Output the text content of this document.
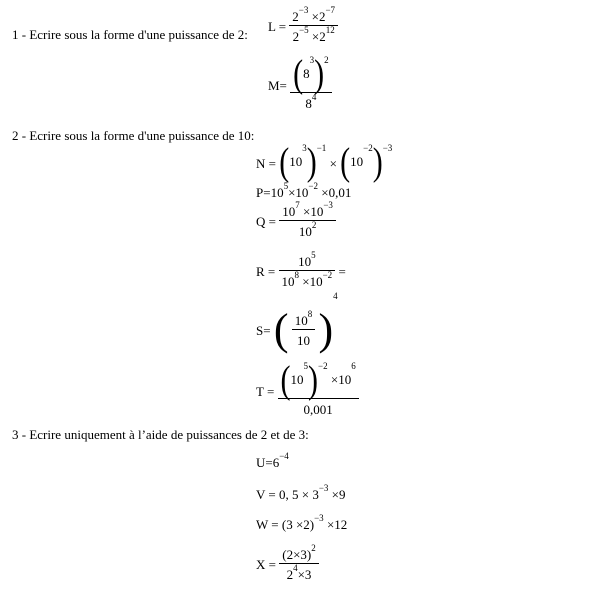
1 - Ecrire sous la forme d'une puissance de 2:
$L = \frac{2^{-3} \times 2^{-7}}{2^{-5} \times 2^{12}}$
$M= \frac{(8^3)^2}{8^4}$
2 - Ecrire sous la forme d'une puissance de 10:
$N = (10^3)^{-1} \times (10^{-2})^{-3}$
$P=10^5\times 10^{-2} \times 0,01$
$Q = \frac{10^7 \times 10^{-3}}{10^2}$
$R = \frac{10^5}{10^8 \times 10^{-2}}$ =
S= ( $\frac{10^8}{10} )^4$
$T = \frac{(10^5)^{-2} \times 10^6}{0,001}$
3 - Ecrire uniquement à l’aide de puissances de 2 et de 3:
$U=6^{-4}$
V = 0, $5 \times 3^{-3} \times 9$
$W = (3 \times 2)^{-3} \times 12$
$X = \frac{(2\times 3)^2}{2^4\times 3}$
